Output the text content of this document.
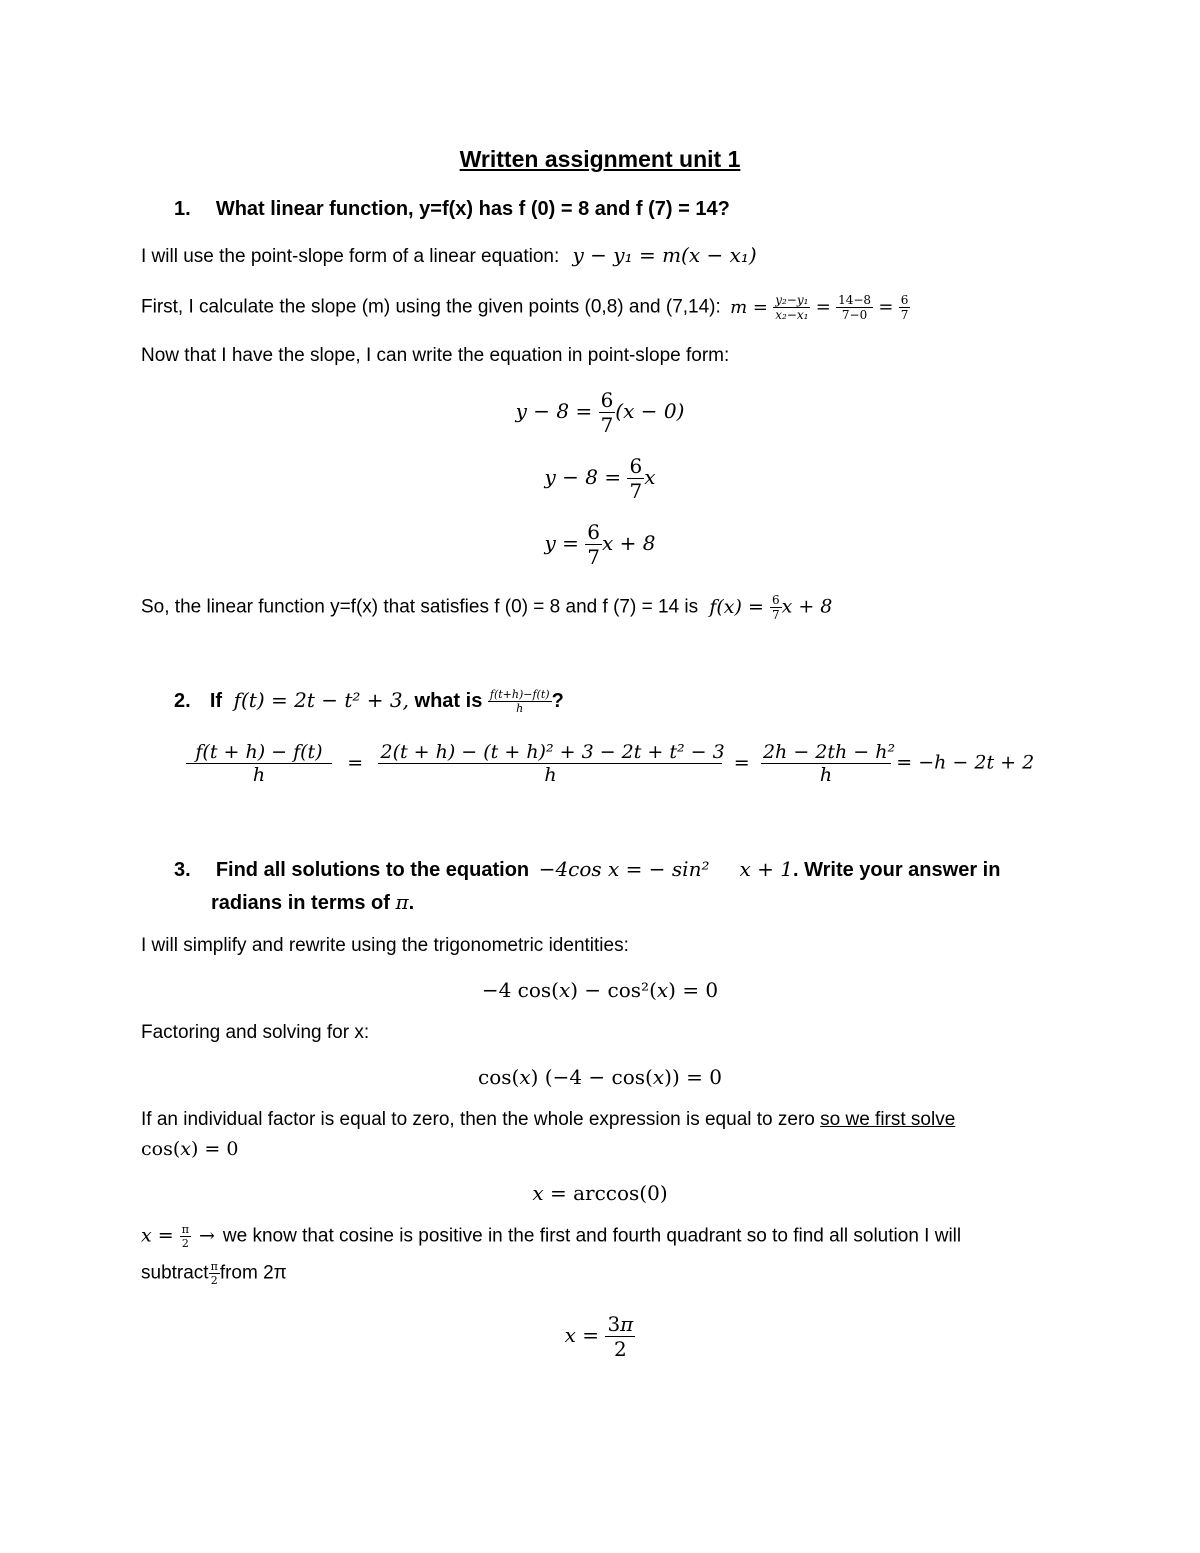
Written assignment unit 1
1. What linear function, y=f(x) has f (0) = 8 and f (7) = 14?
I will use the point-slope form of a linear equation: y − y₁ = m(x − x₁)
First, I calculate the slope (m) using the given points (0,8) and (7,14): $m = \frac{\text{y₂−y₁}}{\text{x₂−x₁}} = \frac{14-8}{7-0} = \frac{6}{7}$
Now that I have the slope, I can write the equation in point-slope form:
$y - 8 = \frac{6}{7} (x - 0)$
$y - 8 = \frac{6}{7}$ x
$y = \frac{6}{7}$ x + 8
So, the linear function y=f(x) that satisfies f (0) = 8 and f (7) = 14 is $f(x) = \frac{6}{7}$ x + 8
2. If f(t) = 2t − t² + 3, what is $\frac{f(t+h)-f(t)}{h}$ ?
$\frac{f(t + h) - f(t)}{h} = \frac{\text{2(t + h) − (t + h)² + 3 − 2t + t² − 3}}{h} = \frac{\text{2h − 2th − h²}}{h} = -h - 2t + 2$
3. Find all solutions to the equation −4cos x = − sin² x + 1. Write your answer in
radians in terms of π.
I will simplify and rewrite using the trigonometric identities:
−4 cos(x) − cos²(x) = 0
Factoring and solving for x:
cos(x) (−4 − cos(x)) = 0
If an individual factor is equal to zero, then the whole expression is equal to zero so we first solve
cos(x) = 0
x = arccos(0)
$x = \frac{\pi}{2}$ → we know that cosine is positive in the first and fourth quadrant so to find all solution I will
subtract $\frac{\pi}{2}$ from 2π
$x = \frac{3\pi}{2}$
